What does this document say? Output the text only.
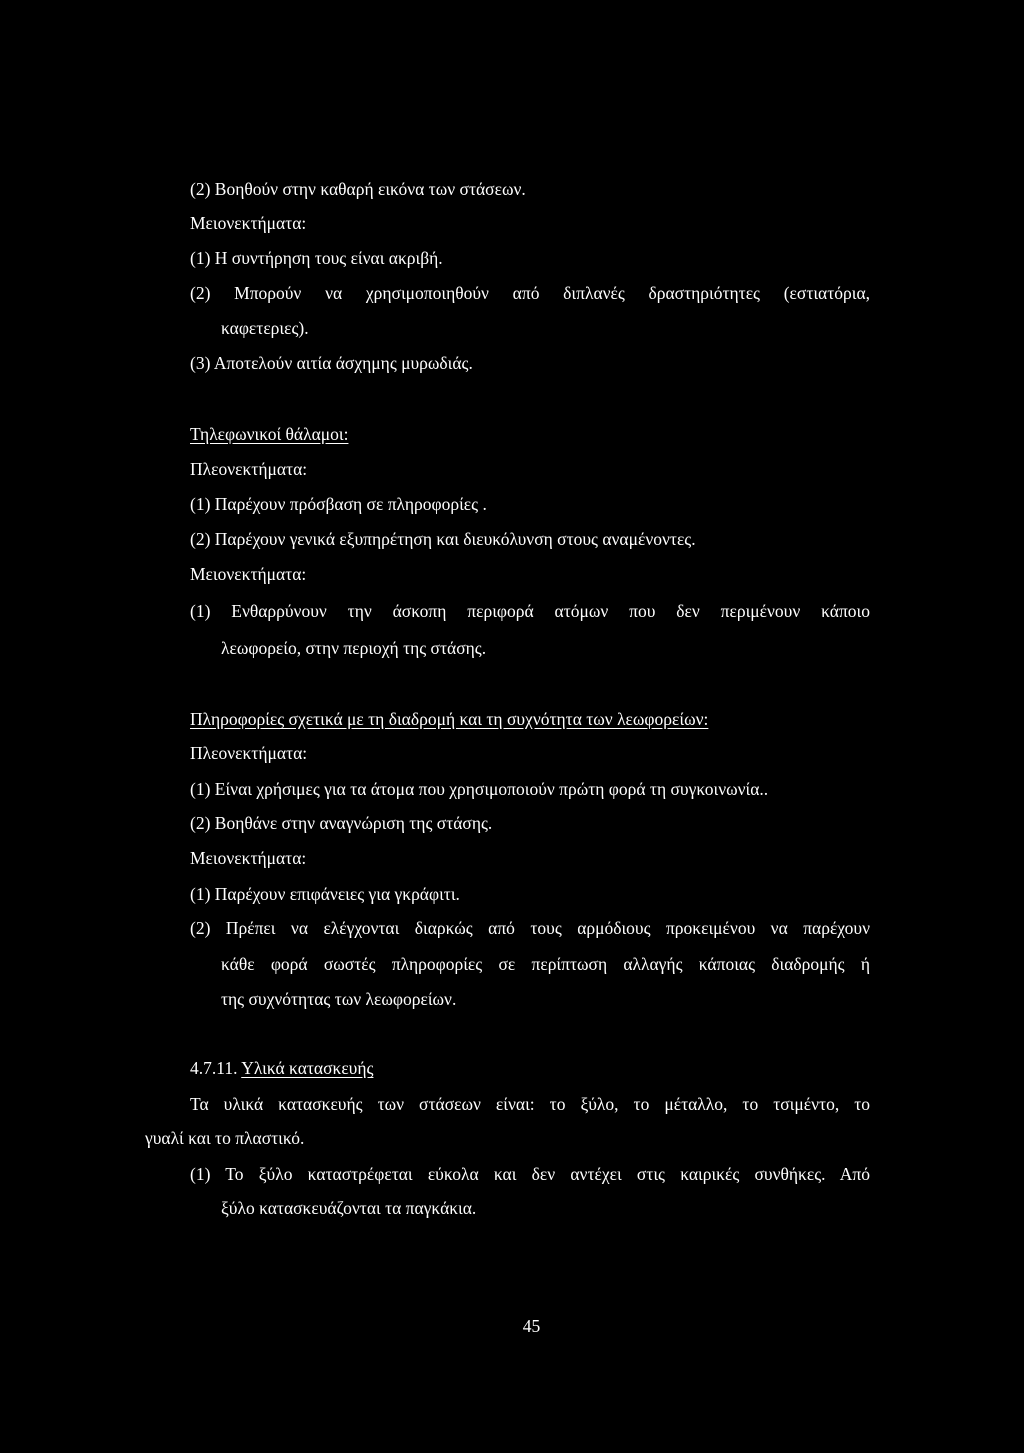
(2) Βοηθούν στην καθαρή εικόνα των στάσεων.
Μειονεκτήματα:
(1) Η συντήρηση τους είναι ακριβή.
(2) Μπορούν να χρησιμοποιηθούν από διπλανές δραστηριότητες (εστιατόρια,
καφετεριες).
(3) Αποτελούν αιτία άσχημης μυρωδιάς.
Τηλεφωνικοί θάλαμοι:
Πλεονεκτήματα:
(1) Παρέχουν πρόσβαση σε πληροφορίες .
(2) Παρέχουν γενικά εξυπηρέτηση και διευκόλυνση στους αναμένοντες.
Μειονεκτήματα:
(1) Ενθαρρύνουν την άσκοπη περιφορά ατόμων που δεν περιμένουν κάποιο
λεωφορείο, στην περιοχή της στάσης.
Πληροφορίες σχετικά με τη διαδρομή και τη συχνότητα των λεωφορείων:
Πλεονεκτήματα:
(1) Είναι χρήσιμες για τα άτομα που χρησιμοποιούν πρώτη φορά τη συγκοινωνία..
(2) Βοηθάνε στην αναγνώριση της στάσης.
Μειονεκτήματα:
(1) Παρέχουν επιφάνειες για γκράφιτι.
(2) Πρέπει να ελέγχονται διαρκώς από τους αρμόδιους προκειμένου να παρέχουν
κάθε φορά σωστές πληροφορίες σε περίπτωση αλλαγής κάποιας διαδρομής ή
της συχνότητας των λεωφορείων.
4.7.11. Υλικά κατασκευής
Τα υλικά κατασκευής των στάσεων είναι: το ξύλο, το μέταλλο, το τσιμέντο, το
γυαλί και το πλαστικό.
(1) Το ξύλο καταστρέφεται εύκολα και δεν αντέχει στις καιρικές συνθήκες. Από
ξύλο κατασκευάζονται τα παγκάκια.
45
